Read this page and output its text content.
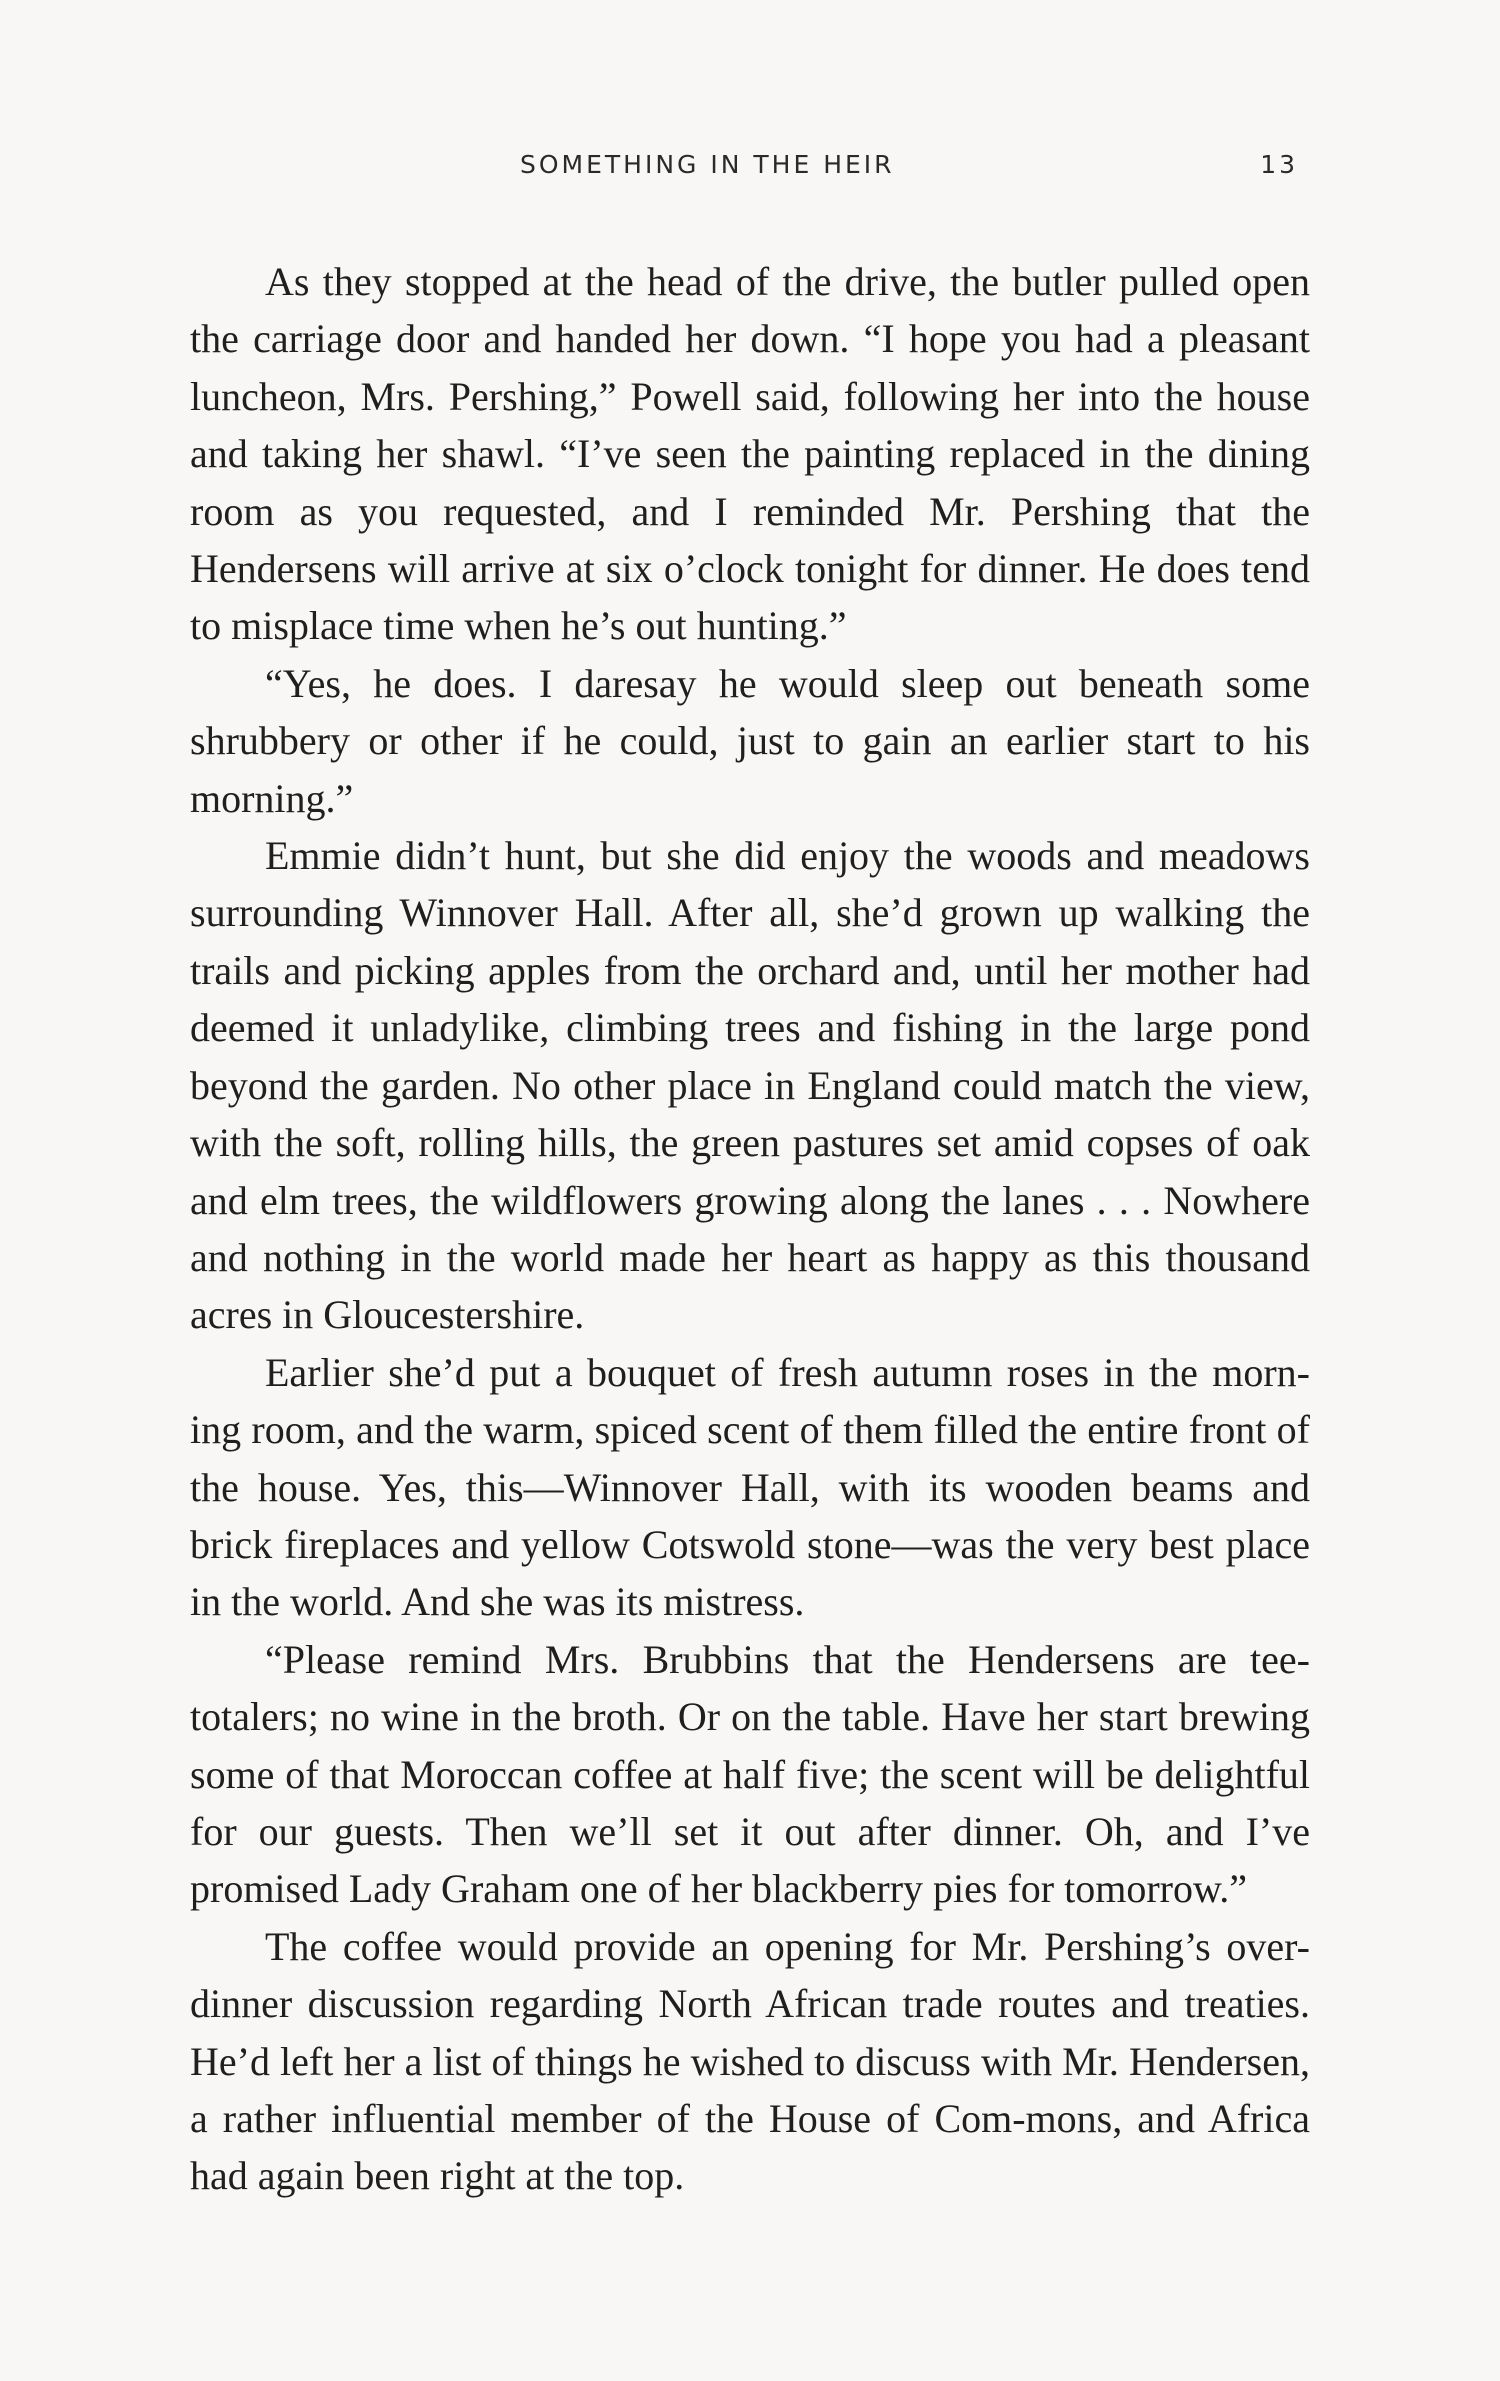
SOMETHING IN THE HEIR	13

As they stopped at the head of the drive, the butler pulled open the carriage door and handed her down. “I hope you had a pleasant luncheon, Mrs. Pershing,” Powell said, following her into the house and taking her shawl. “I’ve seen the painting replaced in the dining room as you requested, and I reminded Mr. Pershing that the Hendersens will arrive at six o’clock tonight for dinner. He does tend to misplace time when he’s out hunting.”

“Yes, he does. I daresay he would sleep out beneath some shrubbery or other if he could, just to gain an earlier start to his morning.”

Emmie didn’t hunt, but she did enjoy the woods and meadows surrounding Winnover Hall. After all, she’d grown up walking the trails and picking apples from the orchard and, until her mother had deemed it unladylike, climbing trees and fishing in the large pond beyond the garden. No other place in England could match the view, with the soft, rolling hills, the green pastures set amid copses of oak and elm trees, the wildflowers growing along the lanes . . . Nowhere and nothing in the world made her heart as happy as this thousand acres in Gloucestershire.

Earlier she’d put a bouquet of fresh autumn roses in the morn-ing room, and the warm, spiced scent of them filled the entire front of the house. Yes, this—Winnover Hall, with its wooden beams and brick fireplaces and yellow Cotswold stone—was the very best place in the world. And she was its mistress.

“Please remind Mrs. Brubbins that the Hendersens are tee-totalers; no wine in the broth. Or on the table. Have her start brewing some of that Moroccan coffee at half five; the scent will be delightful for our guests. Then we’ll set it out after dinner. Oh, and I’ve promised Lady Graham one of her blackberry pies for tomorrow.”

The coffee would provide an opening for Mr. Pershing’s over-dinner discussion regarding North African trade routes and treaties. He’d left her a list of things he wished to discuss with Mr. Hendersen, a rather influential member of the House of Com-mons, and Africa had again been right at the top.
